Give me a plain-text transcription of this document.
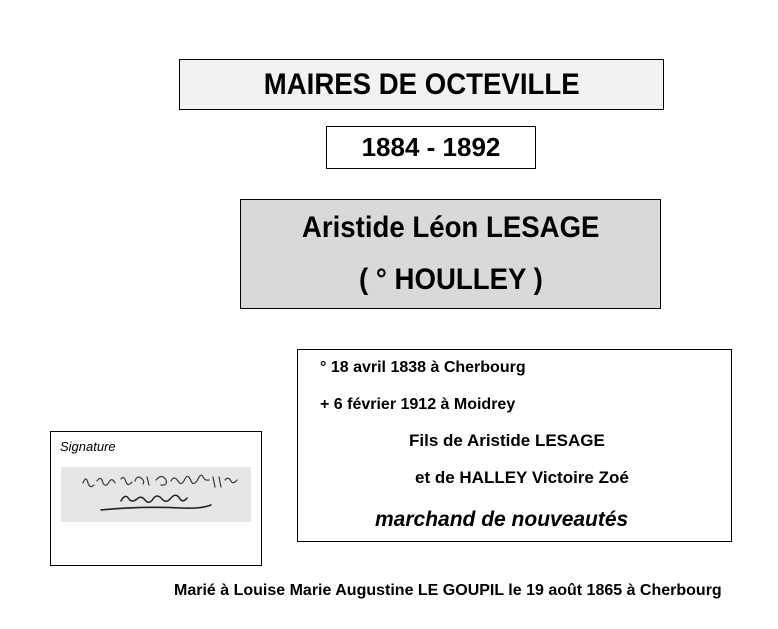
MAIRES DE OCTEVILLE
1884 - 1892
Aristide Léon LESAGE
( ° HOULLEY )
° 18 avril 1838 à Cherbourg
+ 6 février 1912 à Moidrey
Fils de Aristide LESAGE
et de HALLEY Victoire Zoé
marchand de nouveautés
Signature
Marié à Louise Marie Augustine LE GOUPIL le 19 août 1865 à Cherbourg
